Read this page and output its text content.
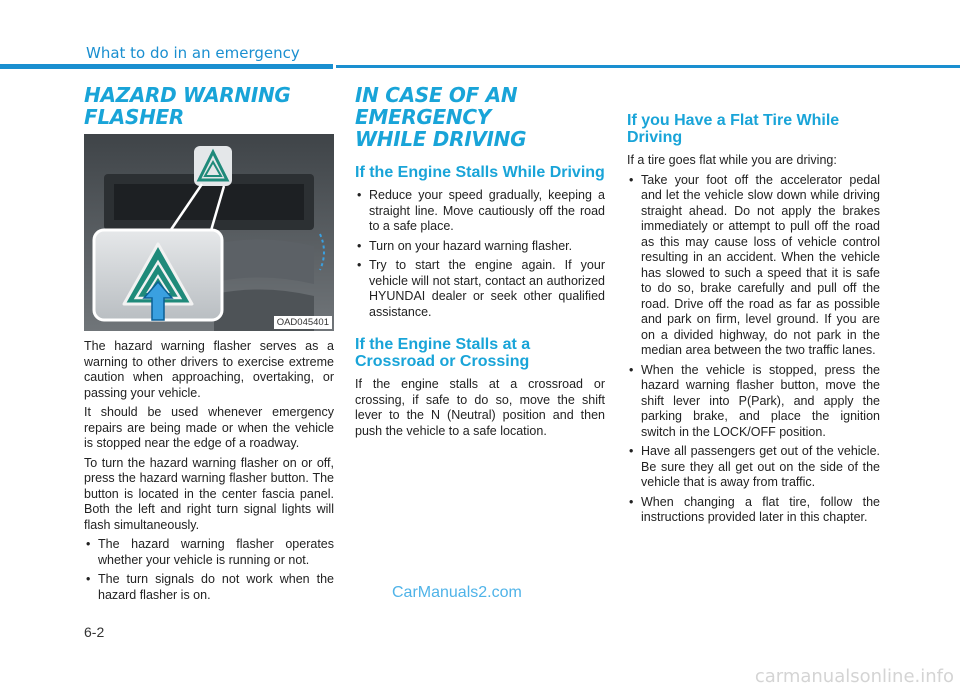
What to do in an emergency
HAZARD WARNING FLASHER
OAD045401

The hazard warning flasher serves as a warning to other drivers to exercise extreme caution when approaching, overtaking, or passing your vehicle.

It should be used whenever emergency repairs are being made or when the vehicle is stopped near the edge of a roadway.

To turn the hazard warning flasher on or off, press the hazard warning flasher button. The button is located in the center fascia panel. Both the left and right turn signal lights will flash simultaneously.

• The hazard warning flasher operates whether your vehicle is running or not.
• The turn signals do not work when the hazard flasher is on.
IN CASE OF AN EMERGENCY
WHILE DRIVING
If the Engine Stalls While Driving
• Reduce your speed gradually, keeping a straight line. Move cautiously off the road to a safe place.
• Turn on your hazard warning flasher.
• Try to start the engine again. If your vehicle will not start, contact an authorized HYUNDAI dealer or seek other qualified assistance.
If the Engine Stalls at a Crossroad or Crossing

If the engine stalls at a crossroad or crossing, if safe to do so, move the shift lever to the N (Neutral) position and then push the vehicle to a safe location.

If you Have a Flat Tire While Driving

If a tire goes flat while you are driving:

• Take your foot off the accelerator pedal and let the vehicle slow down while driving straight ahead. Do not apply the brakes immediately or attempt to pull off the road as this may cause loss of vehicle control resulting in an accident. When the vehicle has slowed to such a speed that it is safe to do so, brake carefully and pull off the road. Drive off the road as far as possible and park on firm, level ground. If you are on a divided highway, do not park in the median area between the two traffic lanes.
• When the vehicle is stopped, press the hazard warning flasher button, move the shift lever into P(Park), and apply the parking brake, and place the ignition switch in the LOCK/OFF position.
• Have all passengers get out of the vehicle. Be sure they all get out on the side of the vehicle that is away from traffic.
• When changing a flat tire, follow the instructions provided later in this chapter.
CarManuals2.com
6-2
carmanualsonline.info
